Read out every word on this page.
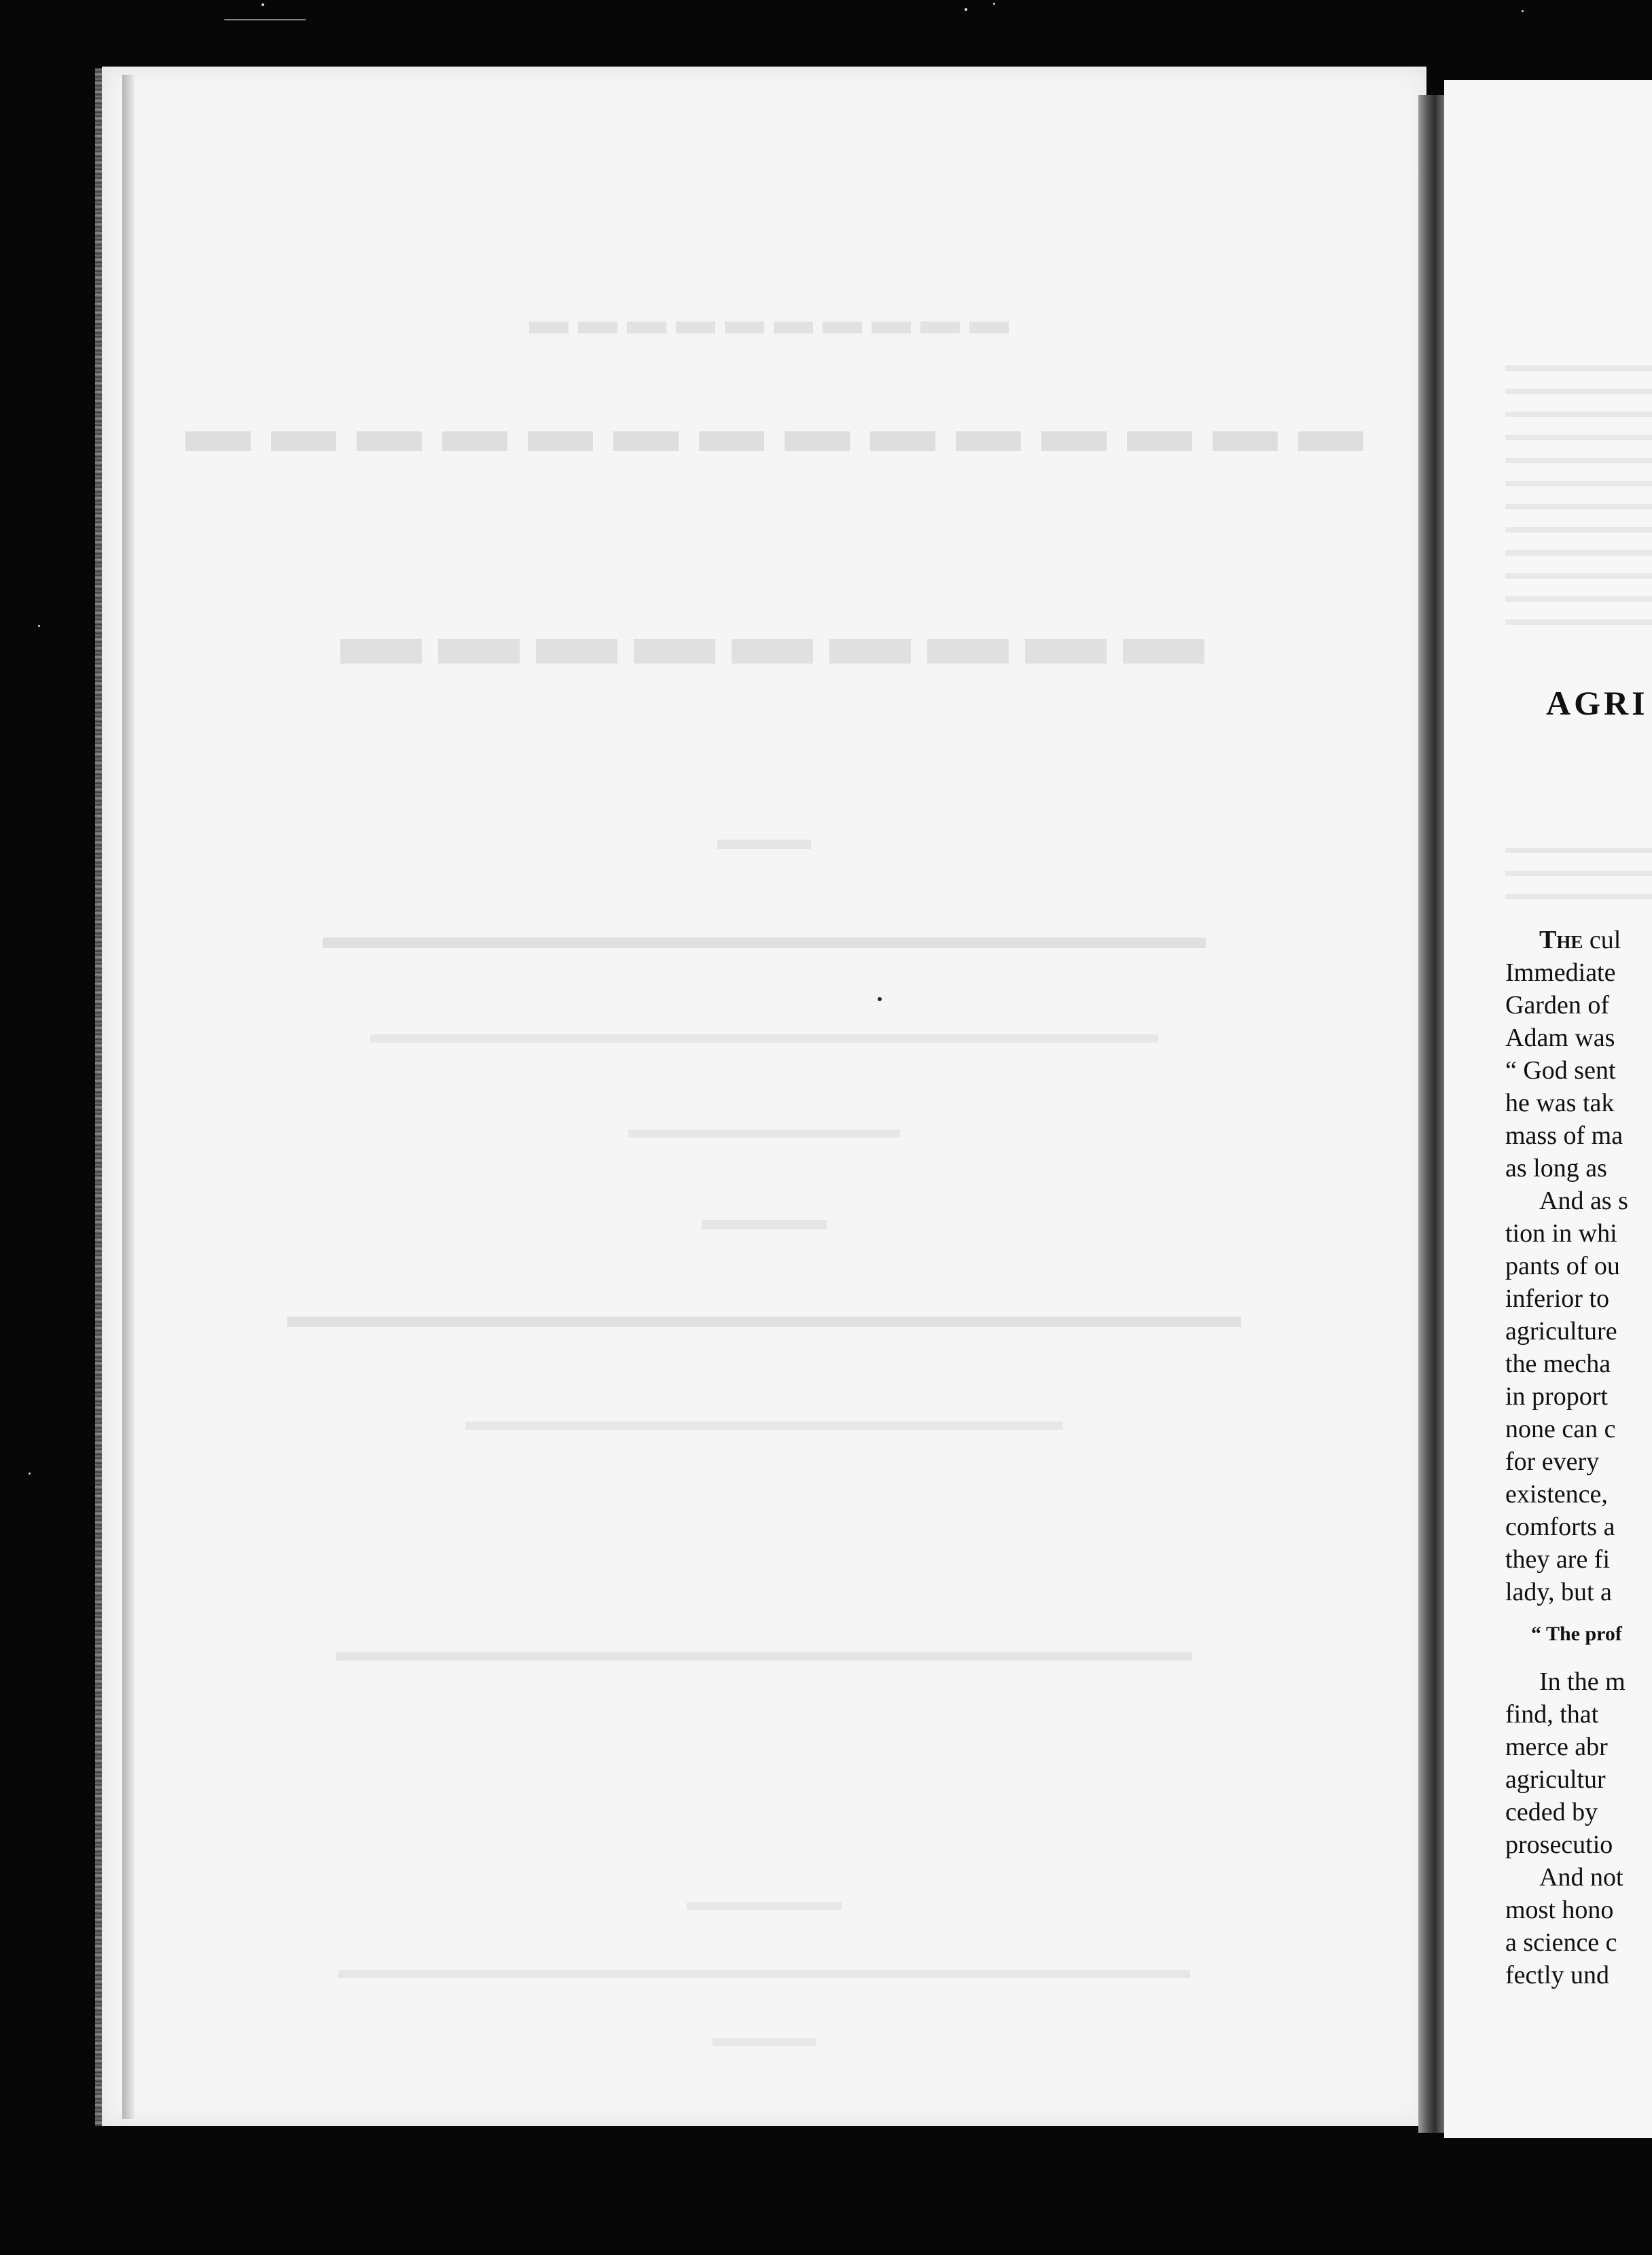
▬▬▬▬▬▬▬▬▬▬
▬▬▬▬▬▬▬▬▬▬▬▬▬▬
▬▬▬▬▬▬▬▬▬
▬▬▬
▬▬▬▬▬▬▬▬▬▬▬▬▬▬▬▬▬▬▬▬▬▬▬▬▬
▬▬▬▬▬▬▬▬▬▬▬▬▬▬▬▬▬▬▬▬▬▬▬▬▬▬▬▬▬
▬▬▬▬▬▬▬▬▬▬
▬▬▬▬
▬▬▬▬▬▬▬▬▬▬▬▬▬▬▬▬▬▬▬▬▬▬▬▬▬▬▬
▬▬▬▬▬▬▬▬▬▬▬▬▬▬▬▬▬▬▬▬▬▬
▬▬▬▬▬▬▬▬▬▬▬▬▬▬▬▬▬▬▬▬▬▬▬▬▬▬▬▬▬▬
▬▬▬▬▬▬
▬▬▬▬▬▬▬▬▬▬▬▬▬▬▬▬▬▬▬▬▬▬▬▬▬▬▬▬▬▬▬▬▬
▬▬▬▬
AGRI
The cul
Immediate
Garden of
Adam was
“ God sent
he was tak
mass of ma
as long as
And as s
tion in whi
pants of ou
inferior to
agriculture
the mecha
in proport
none can c
for every
existence,
comforts a
they are fi
lady, but a
“ The prof
In the m
find, that
merce abr
agricultur
ceded by
prosecutio
And not
most hono
a science c
fectly und
